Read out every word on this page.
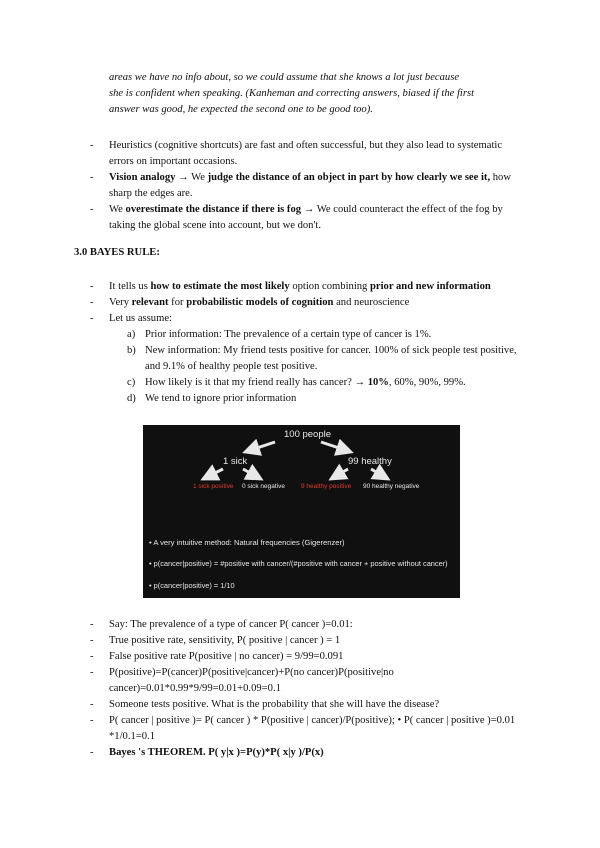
areas we have no info about, so we could assume that she knows a lot just because
she is confident when speaking. (Kanheman and correcting answers, biased if the first
answer was good, he expected the second one to be good too).
- Heuristics (cognitive shortcuts) are fast and often successful, but they also lead to systematic errors on important occasions.
- Vision analogy → We judge the distance of an object in part by how clearly we see it, how sharp the edges are.
- We overestimate the distance if there is fog → We could counteract the effect of the fog by taking the global scene into account, but we don't.
3.0 BAYES RULE:
- It tells us how to estimate the most likely option combining prior and new information
- Very relevant for probabilistic models of cognition and neuroscience
- Let us assume:
a) Prior information: The prevalence of a certain type of cancer is 1%.
b) New information: My friend tests positive for cancer. 100% of sick people test positive, and 9.1% of healthy people test positive.
c) How likely is it that my friend really has cancer? → 10%, 60%, 90%, 99%.
d) We tend to ignore prior information
100 people
1 sick	99 healthy
1 sick positive 0 sick negative 9 healthy positive 90 healthy negative
• A very intuitive method: Natural frequencies (Gigerenzer)
• p(cancer|positive) = #positive with cancer/(#positive with cancer + positive without cancer)
• p(cancer|positive) = 1/10
- Say: The prevalence of a type of cancer P( cancer )=0.01:
- True positive rate, sensitivity, P( positive | cancer ) = 1
- False positive rate P(positive | no cancer) = 9/99=0.091
- P(positive)=P(cancer)P(positive|cancer)+P(no cancer)P(positive|no cancer)=0.01*0.99*9/99=0.01+0.09=0.1
- Someone tests positive. What is the probability that she will have the disease?
- P( cancer | positive )= P( cancer ) * P(positive | cancer)/P(positive); • P( cancer | positive )=0.01 *1/0.1=0.1
- Bayes 's THEOREM. P( y|x )=P(y)*P( x|y )/P(x)
